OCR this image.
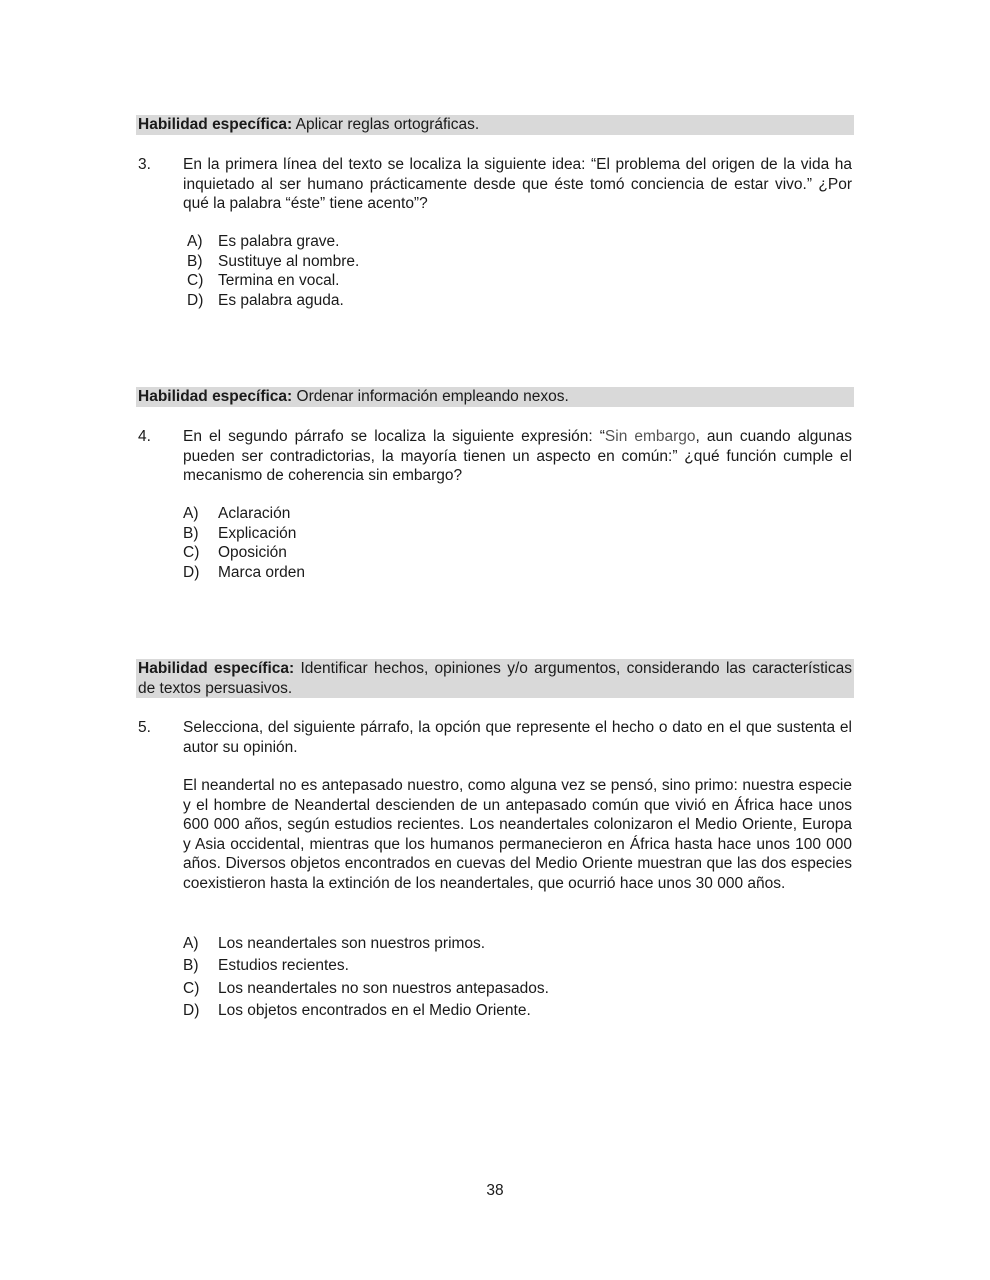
Habilidad específica: Aplicar reglas ortográficas.
3.	En la primera línea del texto se localiza la siguiente idea: “El problema del origen de la vida ha inquietado al ser humano prácticamente desde que éste tomó conciencia de estar vivo.” ¿Por qué la palabra “éste” tiene acento”?
A)	Es palabra grave.
B)	Sustituye al nombre.
C) Termina en vocal.
D) Es palabra aguda.
Habilidad específica: Ordenar información empleando nexos.
4.	En el segundo párrafo se localiza la siguiente expresión: “Sin embargo, aun cuando algunas pueden ser contradictorias, la mayoría tienen un aspecto en común:” ¿qué función cumple el mecanismo de coherencia sin embargo?
A)	Aclaración
B)	Explicación
C)	Oposición
D)	Marca orden
Habilidad específica: Identificar hechos, opiniones y/o argumentos, considerando las características de textos persuasivos.
5.	Selecciona, del siguiente párrafo, la opción que represente el hecho o dato en el que sustenta el autor su opinión.
El neandertal no es antepasado nuestro, como alguna vez se pensó, sino primo: nuestra especie y el hombre de Neandertal descienden de un antepasado común que vivió en África hace unos 600 000 años, según estudios recientes. Los neandertales colonizaron el Medio Oriente, Europa y Asia occidental, mientras que los humanos permanecieron en África hasta hace unos 100 000 años. Diversos objetos encontrados en cuevas del Medio Oriente muestran que las dos especies coexistieron hasta la extinción de los neandertales, que ocurrió hace unos 30 000 años.
A)	Los neandertales son nuestros primos.
B)	Estudios recientes.
C)	Los neandertales no son nuestros antepasados.
D)	Los objetos encontrados en el Medio Oriente.
38
